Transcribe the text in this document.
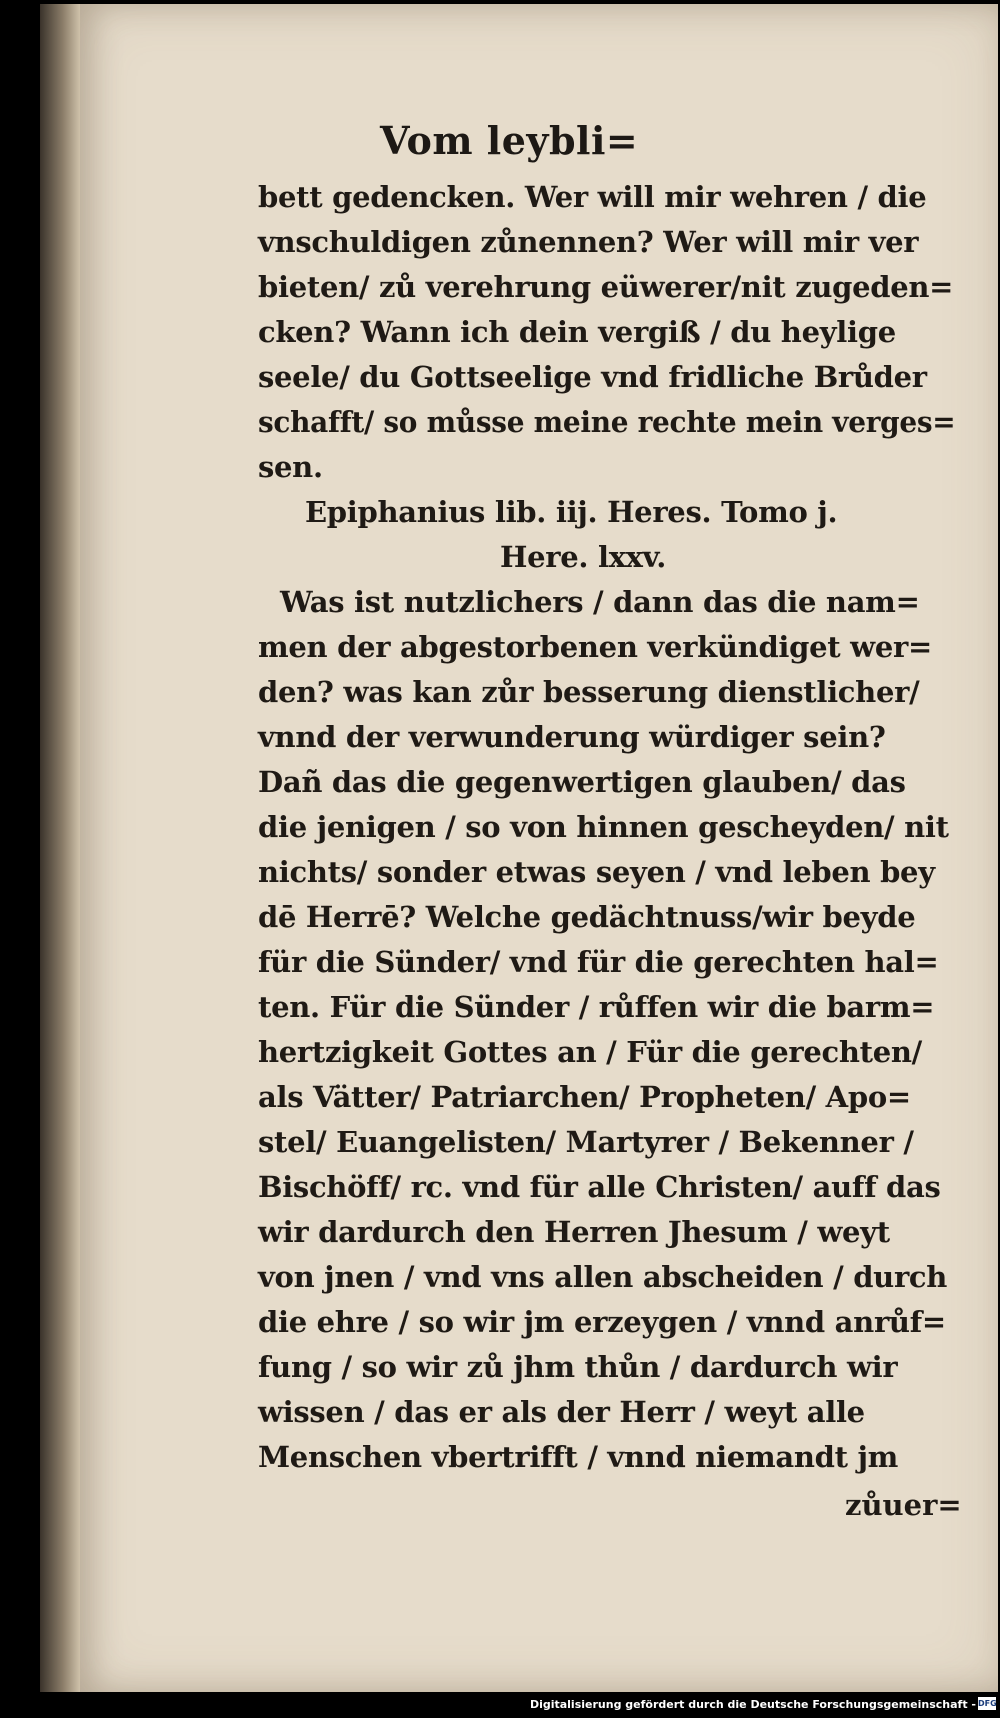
Vom leybli=
bett gedencken. Wer will mir wehren / die
vnschuldigen zůnennen? Wer will mir ver
bieten/ zů verehrung eüwerer/nit zugeden=
cken? Wann ich dein vergiß / du heylige
seele/ du Gottseelige vnd fridliche Brůder
schafft/ so můsse meine rechte mein verges=
sen.
Epiphanius lib. iij. Heres. Tomo j.
Here. lxxv.
Was ist nutzlichers / dann das die nam=
men der abgestorbenen verkündiget wer=
den? was kan zůr besserung dienstlicher/
vnnd der verwunderung würdiger sein?
Dañ das die gegenwertigen glauben/ das
die jenigen / so von hinnen gescheyden/ nit
nichts/ sonder etwas seyen / vnd leben bey
dē Herrē? Welche gedächtnuss/wir beyde
für die Sünder/ vnd für die gerechten hal=
ten. Für die Sünder / růffen wir die barm=
hertzigkeit Gottes an / Für die gerechten/
als Vätter/ Patriarchen/ Propheten/ Apo=
stel/ Euangelisten/ Martyrer / Bekenner /
Bischöff/ rc. vnd für alle Christen/ auff das
wir dardurch den Herren Jhesum / weyt
von jnen / vnd vns allen abscheiden / durch
die ehre / so wir jm erzeygen / vnnd anrůf=
fung / so wir zů jhm thůn / dardurch wir
wissen / das er als der Herr / weyt alle
Menschen vbertrifft / vnnd niemandt jm
zůuer=
Digitalisierung gefördert durch die Deutsche Forschungsgemeinschaft - DFG
